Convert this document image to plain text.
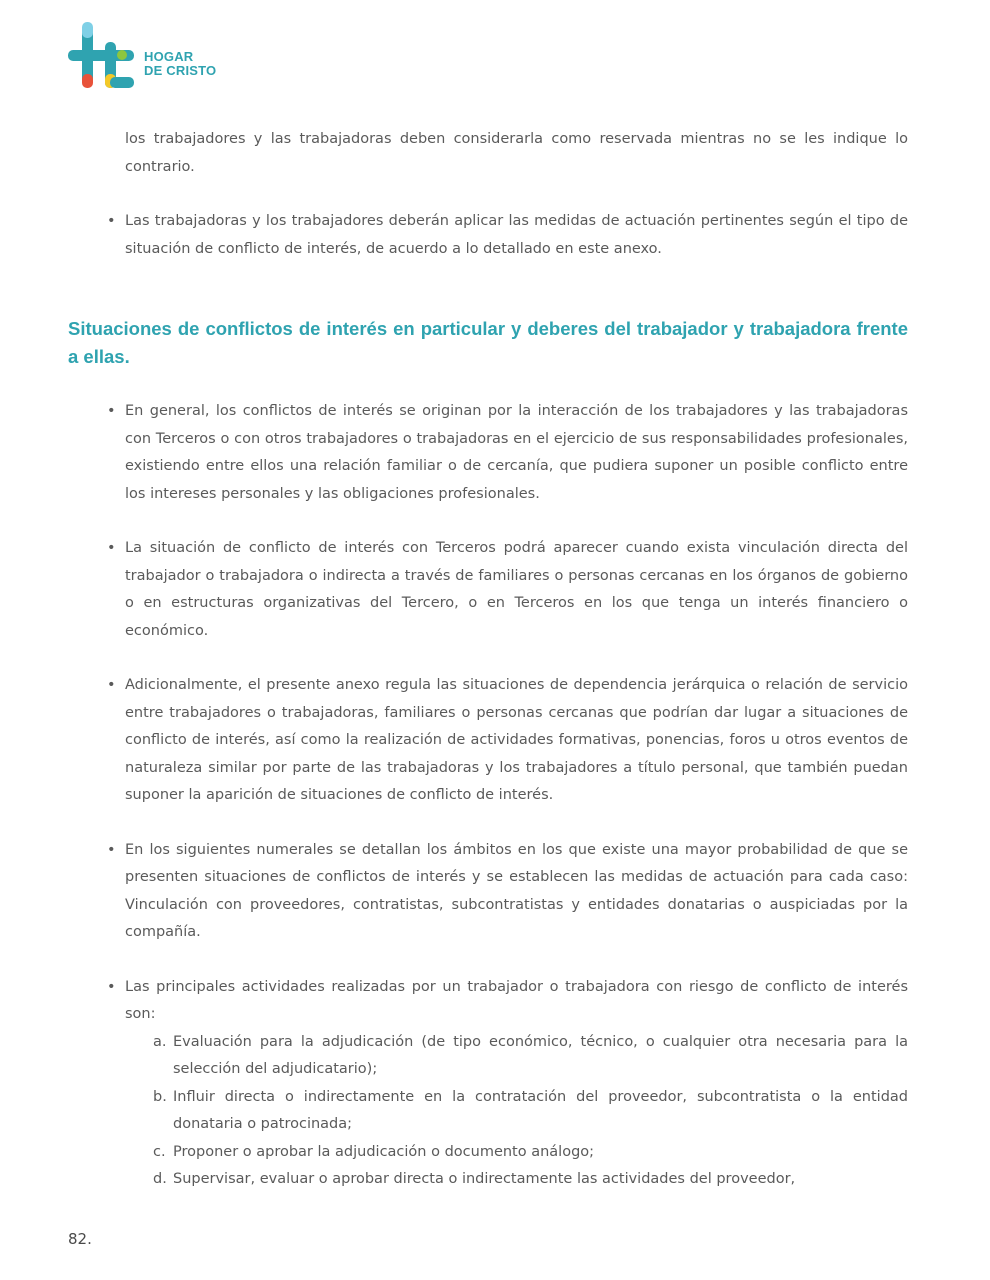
HOGAR
DE CRISTO

los trabajadores y las trabajadoras deben considerarla como reservada mientras no se les indique lo contrario.

• Las trabajadoras y los trabajadores deberán aplicar las medidas de actuación pertinentes según el tipo de situación de conflicto de interés, de acuerdo a lo detallado en este anexo.
Situaciones de conflictos de interés en particular y deberes del trabajador y trabajadora frente a ellas.
• En general, los conflictos de interés se originan por la interacción de los trabajadores y las trabajadoras con Terceros o con otros trabajadores o trabajadoras en el ejercicio de sus responsabilidades profesionales, existiendo entre ellos una relación familiar o de cercanía, que pudiera suponer un posible conflicto entre los intereses personales y las obligaciones profesionales.
• La situación de conflicto de interés con Terceros podrá aparecer cuando exista vinculación directa del trabajador o trabajadora o indirecta a través de familiares o personas cercanas en los órganos de gobierno o en estructuras organizativas del Tercero, o en Terceros en los que tenga un interés financiero o económico.
• Adicionalmente, el presente anexo regula las situaciones de dependencia jerárquica o relación de servicio entre trabajadores o trabajadoras, familiares o personas cercanas que podrían dar lugar a situaciones de conflicto de interés, así como la realización de actividades formativas, ponencias, foros u otros eventos de naturaleza similar por parte de las trabajadoras y los trabajadores a título personal, que también puedan suponer la aparición de situaciones de conflicto de interés.
• En los siguientes numerales se detallan los ámbitos en los que existe una mayor probabilidad de que se presenten situaciones de conflictos de interés y se establecen las medidas de actuación para cada caso: Vinculación con proveedores, contratistas, subcontratistas y entidades donatarias o auspiciadas por la compañía.
• Las principales actividades realizadas por un trabajador o trabajadora con riesgo de conflicto de interés son:
a. Evaluación para la adjudicación (de tipo económico, técnico, o cualquier otra necesaria para la selección del adjudicatario);
b. Influir directa o indirectamente en la contratación del proveedor, subcontratista o la entidad donataria o patrocinada;
c. Proponer o aprobar la adjudicación o documento análogo;
d. Supervisar, evaluar o aprobar directa o indirectamente las actividades del proveedor,
82.
